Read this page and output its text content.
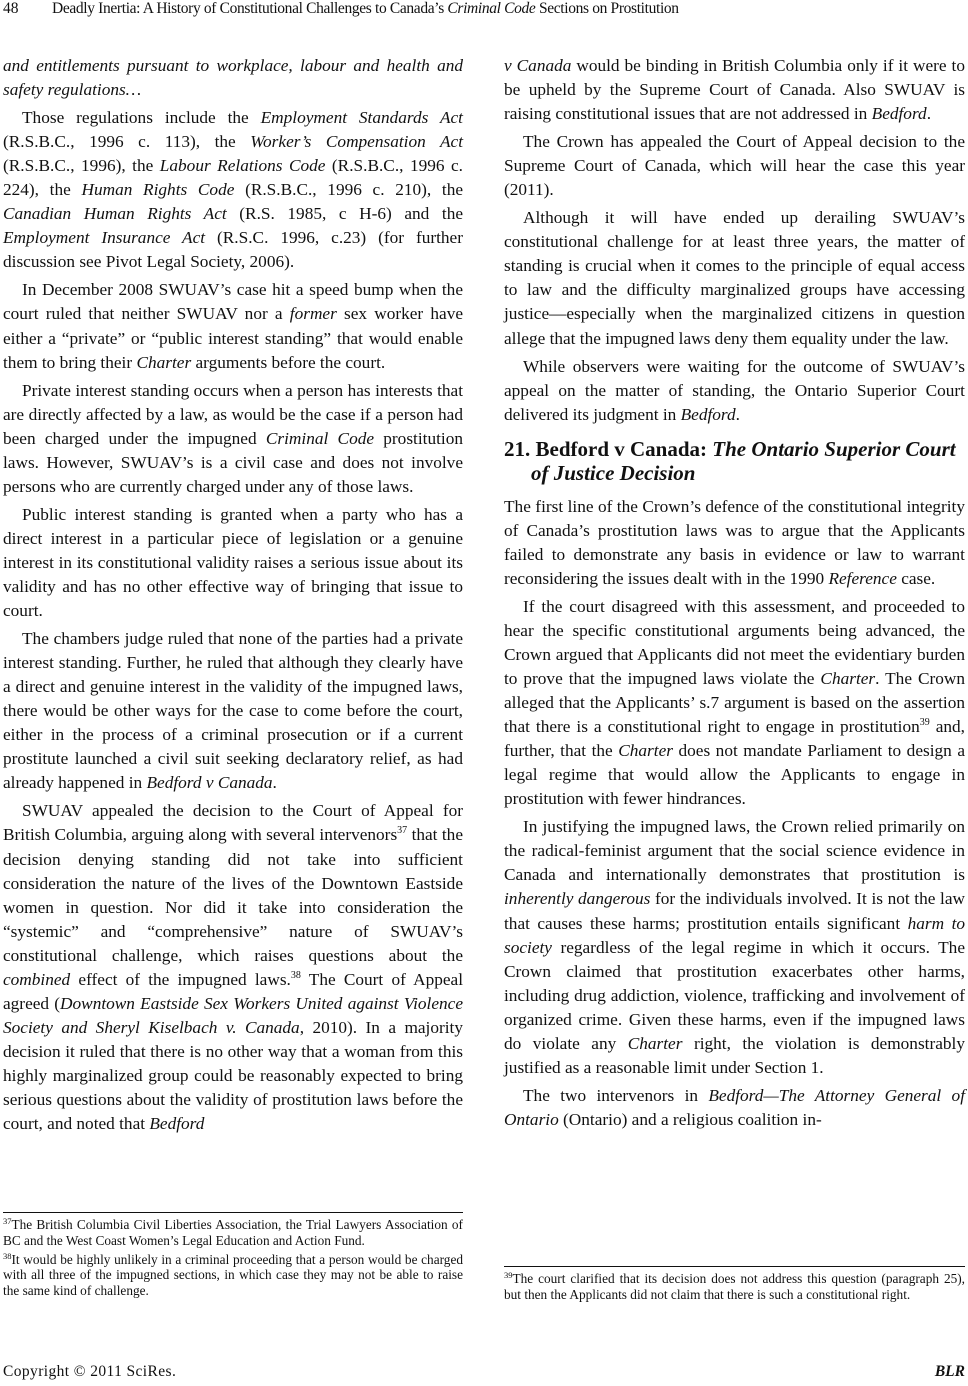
48 Deadly Inertia: A History of Constitutional Challenges to Canada’s Criminal Code Sections on Prostitution

and entitlements pursuant to workplace, labour and health and safety regulations…

Those regulations include the Employment Standards Act (R.S.B.C., 1996 c. 113), the Worker’s Compensation Act (R.S.B.C., 1996), the Labour Relations Code (R.S.B.C., 1996 c. 224), the Human Rights Code (R.S.B.C., 1996 c. 210), the Canadian Human Rights Act (R.S. 1985, c H-6) and the Employment Insurance Act (R.S.C. 1996, c.23) (for further discussion see Pivot Legal Society, 2006).

In December 2008 SWUAV’s case hit a speed bump when the court ruled that neither SWUAV nor a former sex worker have either a “private” or “public interest standing” that would enable them to bring their Charter arguments before the court.

Private interest standing occurs when a person has interests that are directly affected by a law, as would be the case if a person had been charged under the impugned Criminal Code prostitution laws. However, SWUAV’s is a civil case and does not involve persons who are currently charged under any of those laws.

Public interest standing is granted when a party who has a direct interest in a particular piece of legislation or a genuine interest in its constitutional validity raises a serious issue about its validity and has no other effective way of bringing that issue to court.

The chambers judge ruled that none of the parties had a private interest standing. Further, he ruled that although they clearly have a direct and genuine interest in the validity of the impugned laws, there would be other ways for the case to come before the court, either in the process of a criminal prosecution or if a current prostitute launched a civil suit seeking declaratory relief, as had already happened in Bedford v Canada.

SWUAV appealed the decision to the Court of Appeal for British Columbia, arguing along with several intervenors$^{37}$ that the decision denying standing did not take into sufficient consideration the nature of the lives of the Downtown Eastside women in question. Nor did it take into consideration the “systemic” and “comprehensive” nature of SWUAV’s constitutional challenge, which raises questions about the combined effect of the impugned laws.$^{38}$ The Court of Appeal agreed (Downtown Eastside Sex Workers United against Violence Society and Sheryl Kiselbach v. Canada, 2010). In a majority decision it ruled that there is no other way that a woman from this highly marginalized group could be reasonably expected to bring serious questions about the validity of prostitution laws before the court, and noted that Bedford

$^{37}$The British Columbia Civil Liberties Association, the Trial Lawyers Association of BC and the West Coast Women’s Legal Education and Action Fund.

$^{38}$It would be highly unlikely in a criminal proceeding that a person would be charged with all three of the impugned sections, in which case they may not be able to raise the same kind of challenge.

v Canada would be binding in British Columbia only if it were to be upheld by the Supreme Court of Canada. Also SWUAV is raising constitutional issues that are not addressed in Bedford.

The Crown has appealed the Court of Appeal decision to the Supreme Court of Canada, which will hear the case this year (2011).

Although it will have ended up derailing SWUAV’s constitutional challenge for at least three years, the matter of standing is crucial when it comes to the principle of equal access to law and the difficulty marginalized groups have accessing justice—especially when the marginalized citizens in question allege that the impugned laws deny them equality under the law.

While observers were waiting for the outcome of SWUAV’s appeal on the matter of standing, the Ontario Superior Court delivered its judgment in Bedford.

21. Bedford v Canada: The Ontario Superior Court of Justice Decision

The first line of the Crown’s defence of the constitutional integrity of Canada’s prostitution laws was to argue that the Applicants failed to demonstrate any basis in evidence or law to warrant reconsidering the issues dealt with in the 1990 Reference case.

If the court disagreed with this assessment, and proceeded to hear the specific constitutional arguments being advanced, the Crown argued that Applicants did not meet the evidentiary burden to prove that the impugned laws violate the Charter. The Crown alleged that the Applicants’ s.7 argument is based on the assertion that there is a constitutional right to engage in prostitution$^{39}$ and, further, that the Charter does not mandate Parliament to design a legal regime that would allow the Applicants to engage in prostitution with fewer hindrances.

In justifying the impugned laws, the Crown relied primarily on the radical-feminist argument that the social science evidence in Canada and internationally demonstrates that prostitution is inherently dangerous for the individuals involved. It is not the law that causes these harms; prostitution entails significant harm to society regardless of the legal regime in which it occurs. The Crown claimed that prostitution exacerbates other harms, including drug addiction, violence, trafficking and involvement of organized crime. Given these harms, even if the impugned laws do violate any Charter right, the violation is demonstrably justified as a reasonable limit under Section 1.

The two intervenors in Bedford—The Attorney General of Ontario (Ontario) and a religious coalition in-

$^{39}$The court clarified that its decision does not address this question (paragraph 25), but then the Applicants did not claim that there is such a constitutional right.

Copyright © 2011 SciRes.	BLR
